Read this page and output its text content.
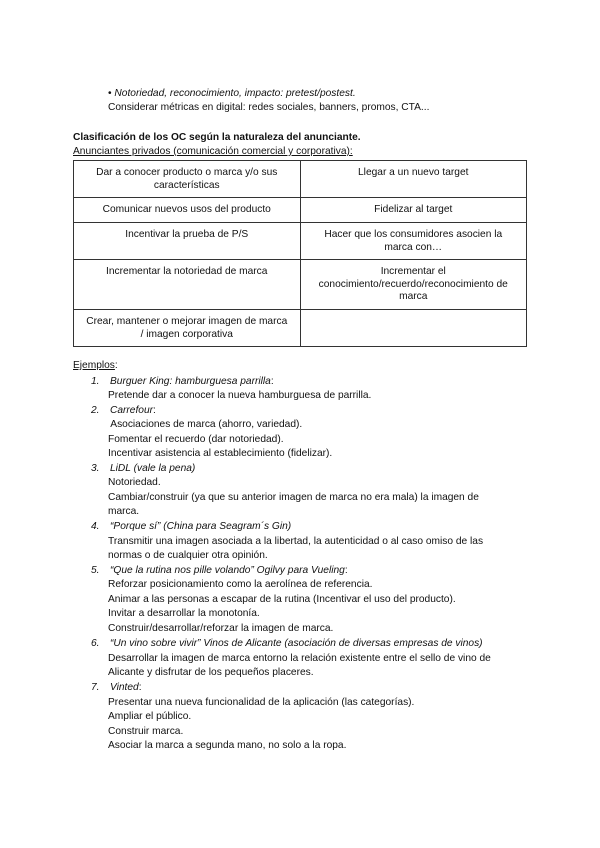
• Notoriedad, reconocimiento, impacto: pretest/postest.
Considerar métricas en digital: redes sociales, banners, promos, CTA...
Clasificación de los OC según la naturaleza del anunciante.
Anunciantes privados (comunicación comercial y corporativa):
Dar a conocer producto o marca y/o sus características	Llegar a un nuevo target
Comunicar nuevos usos del producto	Fidelizar al target
Incentivar la prueba de P/S	Hacer que los consumidores asocien la marca con…
Incrementar la notoriedad de marca	Incrementar el conocimiento/recuerdo/reconocimiento de marca
Crear, mantener o mejorar imagen de marca / imagen corporativa	
Ejemplos:
1. Burguer King: hamburguesa parrilla:
Pretende dar a conocer la nueva hamburguesa de parrilla.
2. Carrefour:
Asociaciones de marca (ahorro, variedad).
Fomentar el recuerdo (dar notoriedad).
Incentivar asistencia al establecimiento (fidelizar).
3. LiDL (vale la pena)
Notoriedad.
Cambiar/construir (ya que su anterior imagen de marca no era mala) la imagen de
marca.
4. “Porque sí” (China para Seagram´s Gin)
Transmitir una imagen asociada a la libertad, la autenticidad o al caso omiso de las
normas o de cualquier otra opinión.
5. “Que la rutina nos pille volando” Ogilvy para Vueling:
Reforzar posicionamiento como la aerolínea de referencia.
Animar a las personas a escapar de la rutina (Incentivar el uso del producto).
Invitar a desarrollar la monotonía.
Construir/desarrollar/reforzar la imagen de marca.
6. “Un vino sobre vivir” Vinos de Alicante (asociación de diversas empresas de vinos)
Desarrollar la imagen de marca entorno la relación existente entre el sello de vino de
Alicante y disfrutar de los pequeños placeres.
7. Vinted:
Presentar una nueva funcionalidad de la aplicación (las categorías).
Ampliar el público.
Construir marca.
Asociar la marca a segunda mano, no solo a la ropa.
